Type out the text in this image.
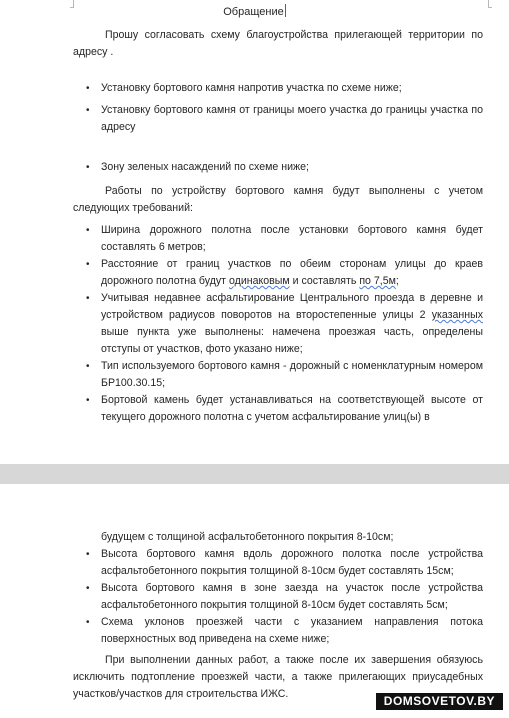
Обращение

Прошу согласовать схему благоустройства прилегающей территории по адресу .

• Установку бортового камня напротив участка по схеме ниже;
• Установку бортового камня от границы моего участка до границы участка по адресу
• Зону зеленых насаждений по схеме ниже;

Работы по устройству бортового камня будут выполнены с учетом следующих требований:

• Ширина дорожного полотна после установки бортового камня будет составлять 6 метров;
• Расстояние от границ участков по обеим сторонам улицы до краев дорожного полотна будут одинаковым и составлять по 7,5м;
• Учитывая недавнее асфальтирование Центрального проезда в деревне и устройством радиусов поворотов на второстепенные улицы 2 указанных выше пункта уже выполнены: намечена проезжая часть, определены отступы от участков, фото указано ниже;
• Тип используемого бортового камня - дорожный с номенклатурным номером БР100.30.15;
• Бортовой камень будет устанавливаться на соответствующей высоте от текущего дорожного полотна с учетом асфальтирование улиц(ы) в

будущем с толщиной асфальтобетонного покрытия 8-10см;

• Высота бортового камня вдоль дорожного полотка после устройства асфальтобетонного покрытия толщиной 8-10см будет составлять 15см;
• Высота бортового камня в зоне заезда на участок после устройства асфальтобетонного покрытия толщиной 8-10см будет составлять 5см;
• Схема уклонов проезжей части с указанием направления потока поверхностных вод приведена на схеме ниже;

При выполнении данных работ, а также после их завершения обязуюсь исключить подтопление проезжей части, а также прилегающих приусадебных участков/участков для строительства ИЖС.	DOMSOVETOV.BY
